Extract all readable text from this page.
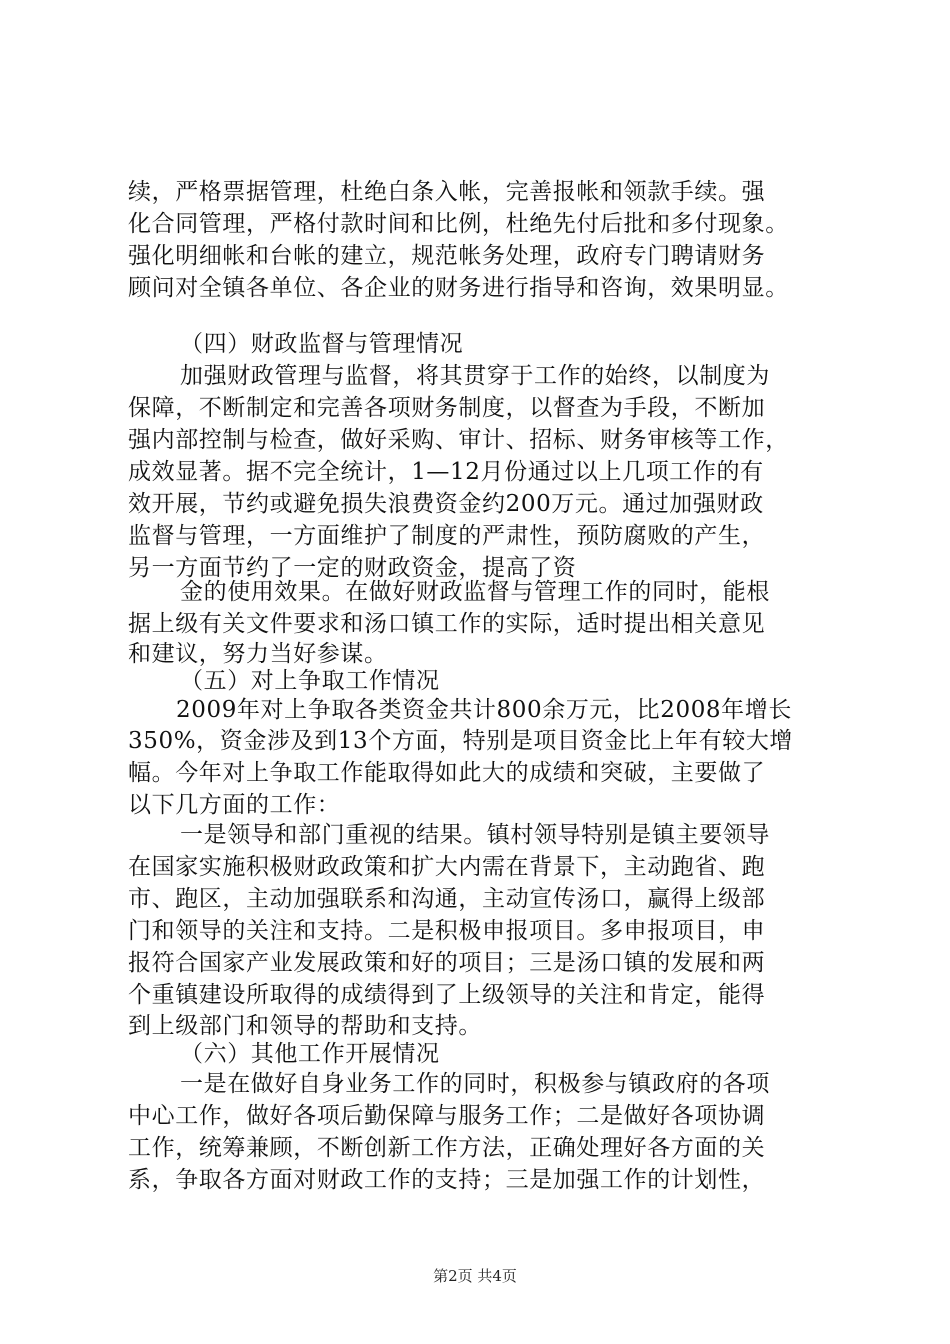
续，严格票据管理，杜绝白条入帐，完善报帐和领款手续。强
化合同管理，严格付款时间和比例，杜绝先付后批和多付现象。
强化明细帐和台帐的建立，规范帐务处理，政府专门聘请财务
顾问对全镇各单位、各企业的财务进行指导和咨询，效果明显。
（四）财政监督与管理情况
加强财政管理与监督，将其贯穿于工作的始终，以制度为
保障，不断制定和完善各项财务制度，以督查为手段，不断加
强内部控制与检查，做好采购、审计、招标、财务审核等工作，
成效显著。据不完全统计，1—12月份通过以上几项工作的有
效开展，节约或避免损失浪费资金约200万元。通过加强财政
监督与管理，一方面维护了制度的严肃性，预防腐败的产生，
另一方面节约了一定的财政资金，提高了资
金的使用效果。在做好财政监督与管理工作的同时，能根
据上级有关文件要求和汤口镇工作的实际，适时提出相关意见
和建议，努力当好参谋。
（五）对上争取工作情况
2009年对上争取各类资金共计800余万元，比2008年增长
350%，资金涉及到13个方面，特别是项目资金比上年有较大增
幅。今年对上争取工作能取得如此大的成绩和突破，主要做了
以下几方面的工作：
一是领导和部门重视的结果。镇村领导特别是镇主要领导
在国家实施积极财政政策和扩大内需在背景下，主动跑省、跑
市、跑区，主动加强联系和沟通，主动宣传汤口，赢得上级部
门和领导的关注和支持。二是积极申报项目。多申报项目，申
报符合国家产业发展政策和好的项目；三是汤口镇的发展和两
个重镇建设所取得的成绩得到了上级领导的关注和肯定，能得
到上级部门和领导的帮助和支持。
（六）其他工作开展情况
一是在做好自身业务工作的同时，积极参与镇政府的各项
中心工作，做好各项后勤保障与服务工作；二是做好各项协调
工作，统筹兼顾，不断创新工作方法，正确处理好各方面的关
系，争取各方面对财政工作的支持；三是加强工作的计划性，
第2页 共4页
